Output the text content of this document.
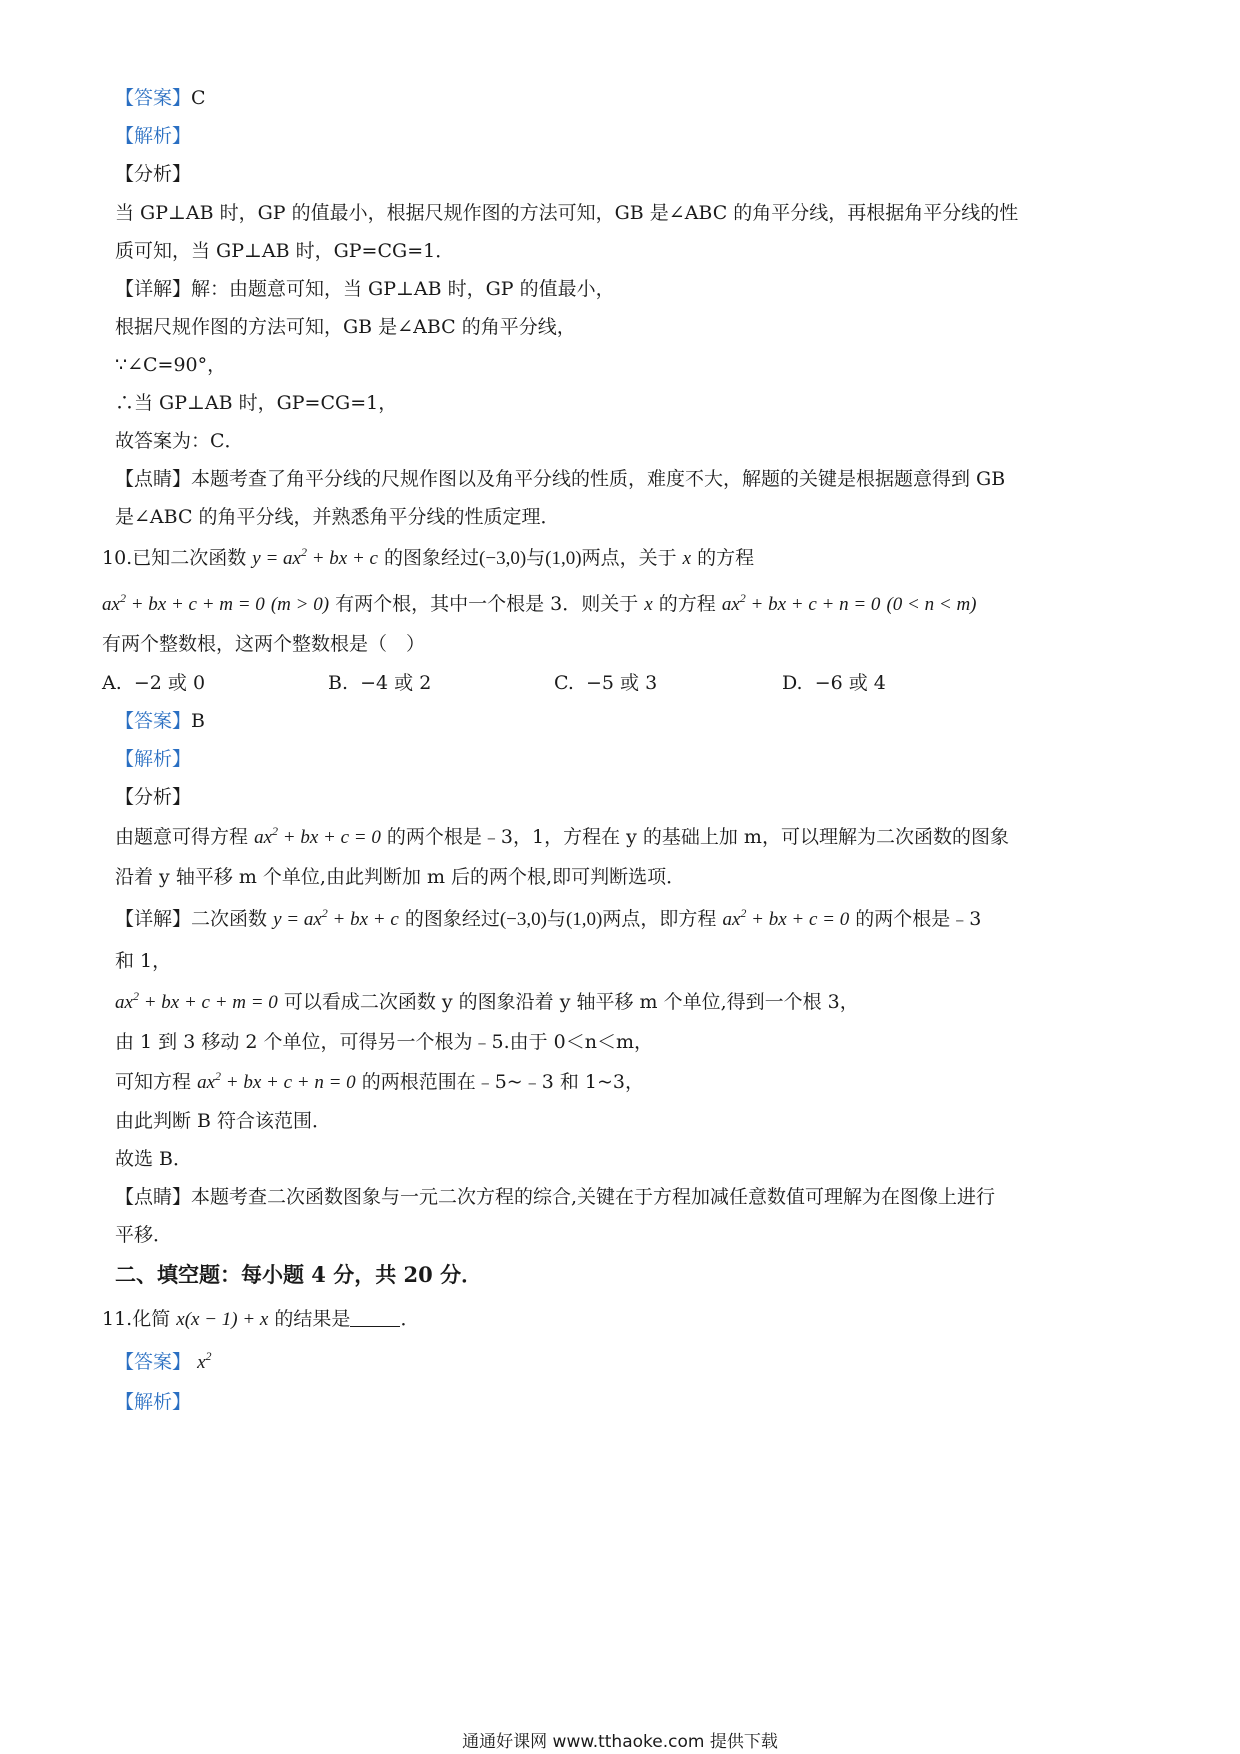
【答案】C
【解析】
【分析】
当 GP⊥AB 时，GP 的值最小，根据尺规作图的方法可知，GB 是∠ABC 的角平分线，再根据角平分线的性
质可知，当 GP⊥AB 时，GP=CG=1．
【详解】解：由题意可知，当 GP⊥AB 时，GP 的值最小，
根据尺规作图的方法可知，GB 是∠ABC 的角平分线，
∵∠C=90°，
∴当 GP⊥AB 时，GP=CG=1，
故答案为：C．
【点睛】本题考查了角平分线的尺规作图以及角平分线的性质，难度不大，解题的关键是根据题意得到 GB
是∠ABC 的角平分线，并熟悉角平分线的性质定理．
10.已知二次函数 $y = ax^2$ + bx + c 的图象经过(−3,0)与(1,0)两点，关于 x 的方程
$ax^2$ + bx + c + m = 0 (m > 0) 有两个根，其中一个根是 3．则关于 x 的方程 $ax^2$ + bx + c + n = 0 (0 < n < m)
有两个整数根，这两个整数根是（　）
A. −2 或 0	B. −4 或 2	C. −5 或 3	D. −6 或 4
【答案】B
【解析】
【分析】
由题意可得方程 $ax^2$ + bx + c = 0 的两个根是﹣3，1，方程在 y 的基础上加 m，可以理解为二次函数的图象
沿着 y 轴平移 m 个单位,由此判断加 m 后的两个根,即可判断选项．
【详解】二次函数 $y = ax^2$ + bx + c 的图象经过(−3,0)与(1,0)两点，即方程 $ax^2$ + bx + c = 0 的两个根是﹣3
和 1，
$ax^2$ + bx + c + m = 0 可以看成二次函数 y 的图象沿着 y 轴平移 m 个单位,得到一个根 3，
由 1 到 3 移动 2 个单位，可得另一个根为﹣5.由于 0＜n＜m，
可知方程 $ax^2$ + bx + c + n = 0 的两根范围在﹣5~﹣3 和 1~3，
由此判断 B 符合该范围．
故选 B．
【点睛】本题考查二次函数图象与一元二次方程的综合,关键在于方程加减任意数值可理解为在图像上进行
平移．
二、填空题：每小题 4 分，共 20 分．
11.化简 x(x − 1) + x 的结果是	．
【答案】 $x^2$
【解析】
通通好课网 www.tthaoke.com 提供下载
